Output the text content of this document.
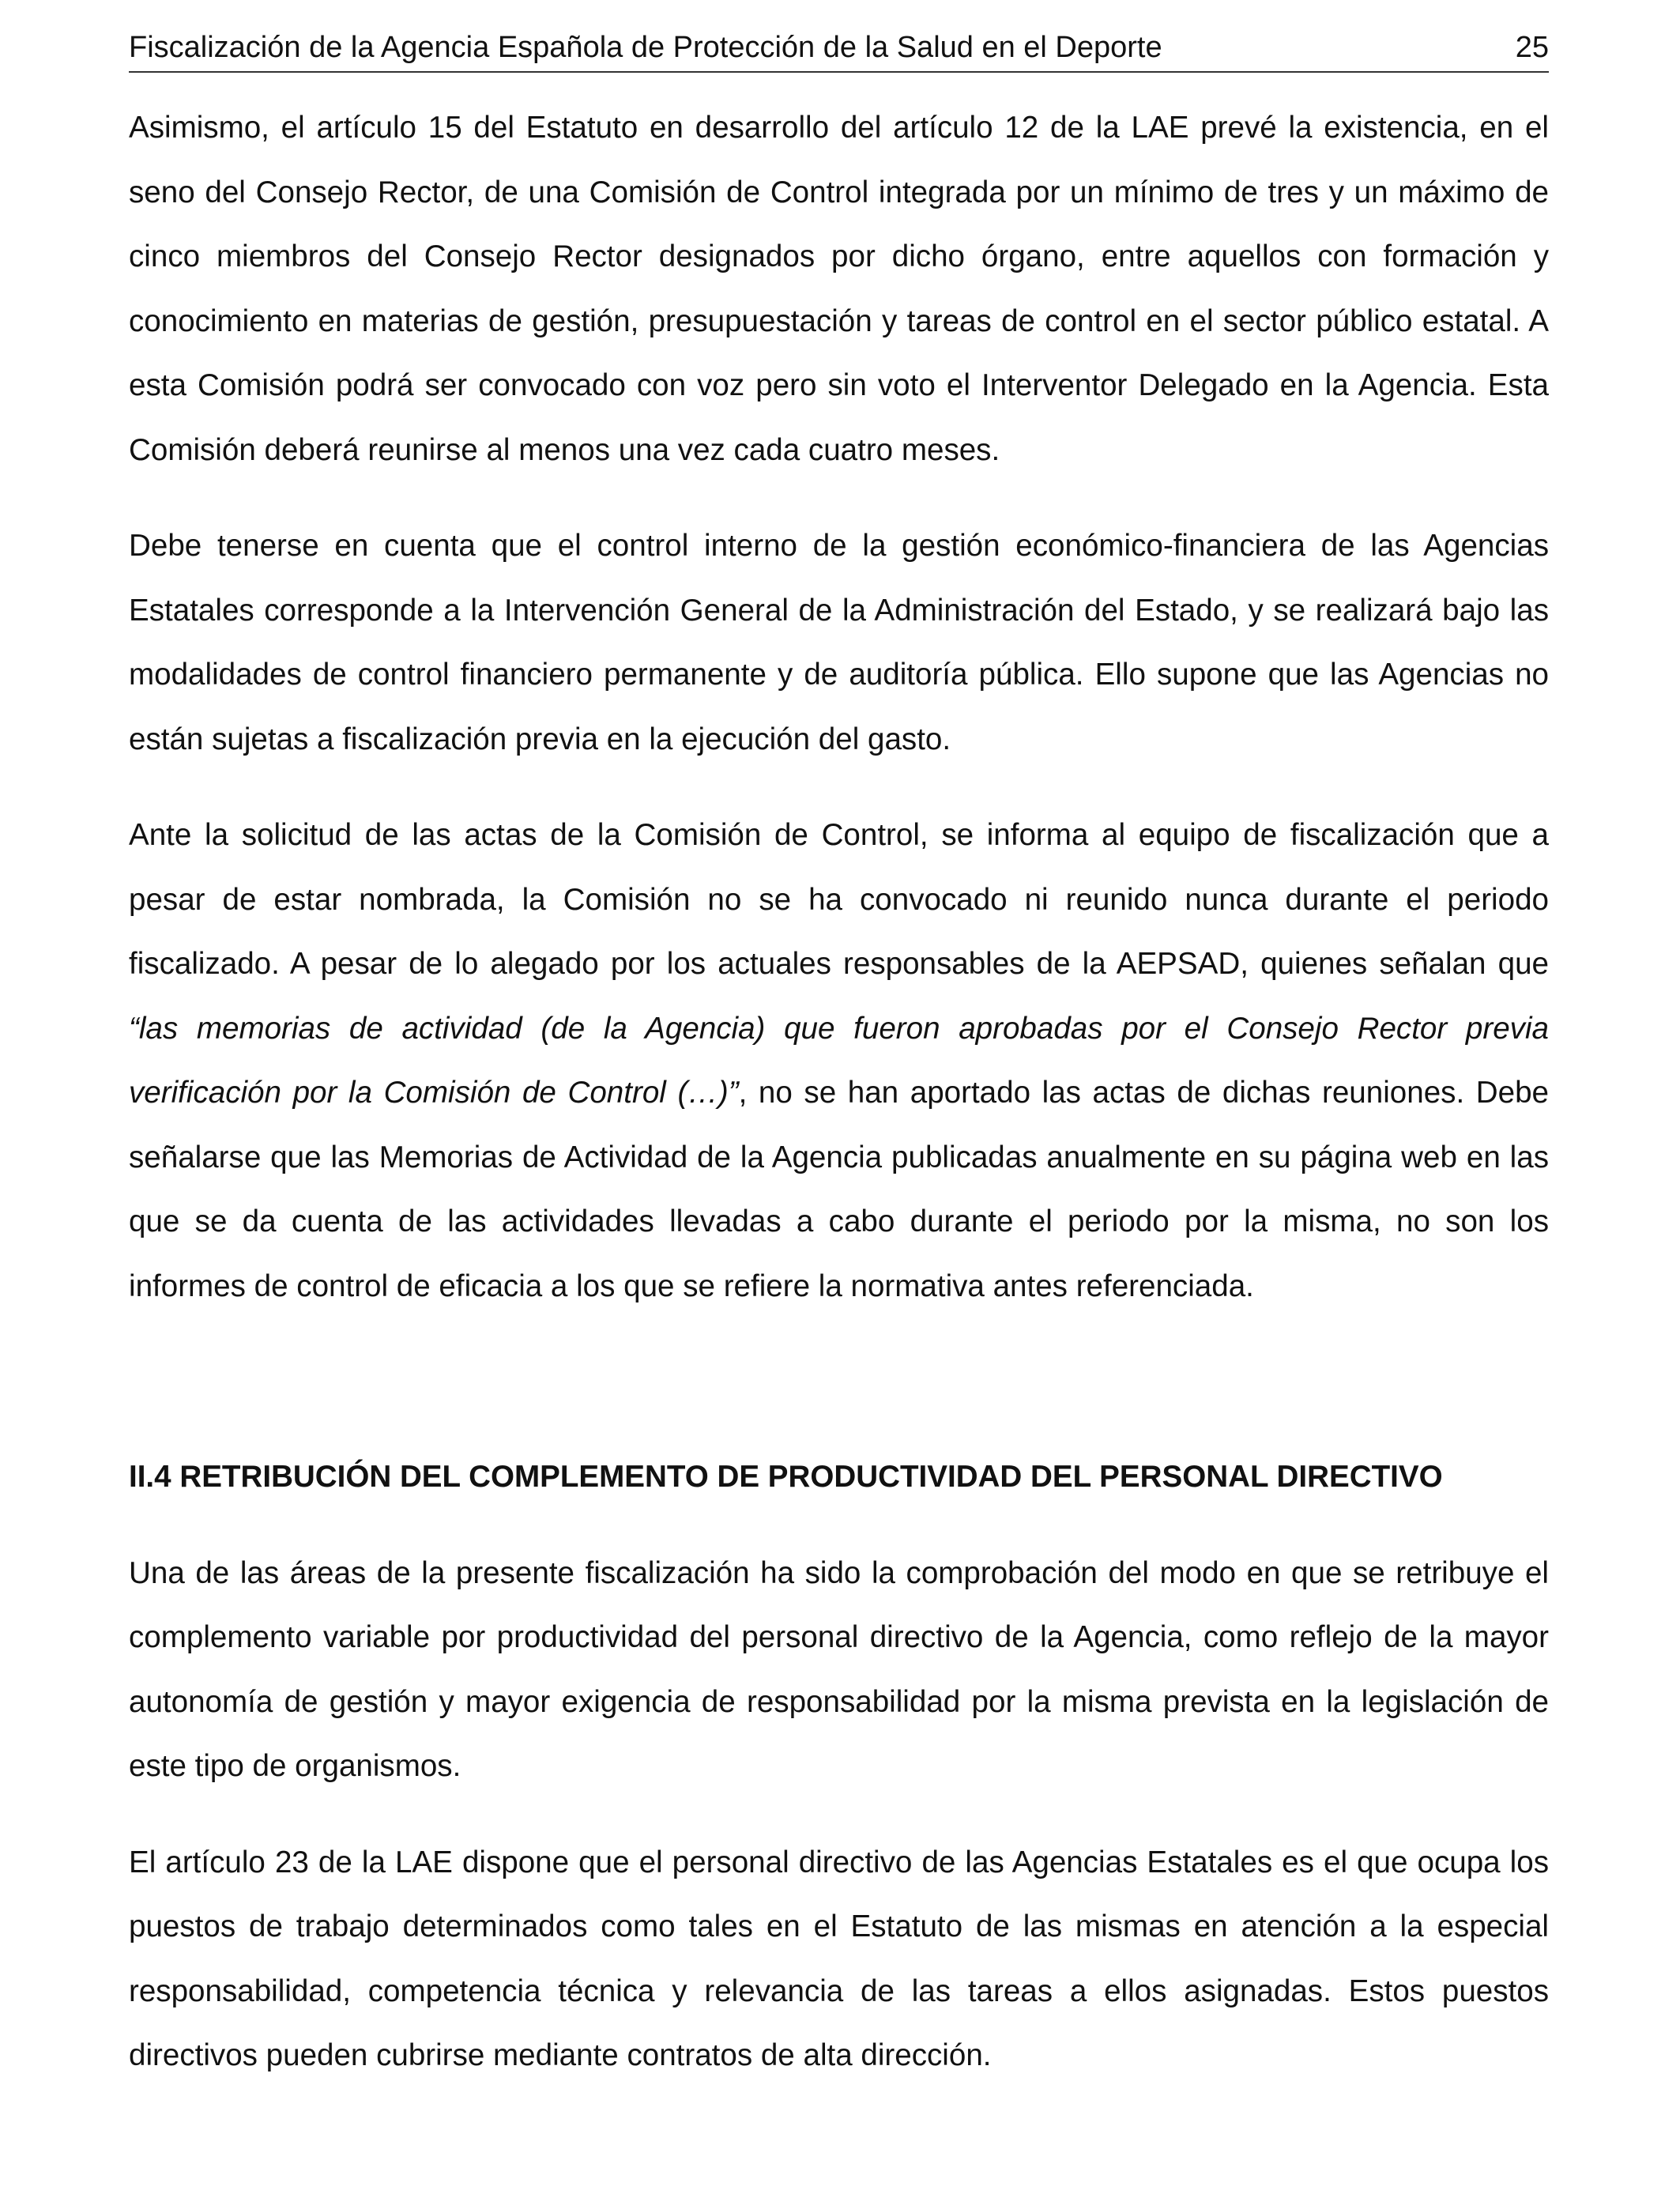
Fiscalización de la Agencia Española de Protección de la Salud en el Deporte	25

Asimismo, el artículo 15 del Estatuto en desarrollo del artículo 12 de la LAE prevé la existencia, en el seno del Consejo Rector, de una Comisión de Control integrada por un mínimo de tres y un máximo de cinco miembros del Consejo Rector designados por dicho órgano, entre aquellos con formación y conocimiento en materias de gestión, presupuestación y tareas de control en el sector público estatal. A esta Comisión podrá ser convocado con voz pero sin voto el Interventor Delegado en la Agencia. Esta Comisión deberá reunirse al menos una vez cada cuatro meses.

Debe tenerse en cuenta que el control interno de la gestión económico-financiera de las Agencias Estatales corresponde a la Intervención General de la Administración del Estado, y se realizará bajo las modalidades de control financiero permanente y de auditoría pública. Ello supone que las Agencias no están sujetas a fiscalización previa en la ejecución del gasto.

Ante la solicitud de las actas de la Comisión de Control, se informa al equipo de fiscalización que a pesar de estar nombrada, la Comisión no se ha convocado ni reunido nunca durante el periodo fiscalizado. A pesar de lo alegado por los actuales responsables de la AEPSAD, quienes señalan que “las memorias de actividad (de la Agencia) que fueron aprobadas por el Consejo Rector previa verificación por la Comisión de Control (…)”, no se han aportado las actas de dichas reuniones. Debe señalarse que las Memorias de Actividad de la Agencia publicadas anualmente en su página web en las que se da cuenta de las actividades llevadas a cabo durante el periodo por la misma, no son los informes de control de eficacia a los que se refiere la normativa antes referenciada.

II.4 RETRIBUCIÓN DEL COMPLEMENTO DE PRODUCTIVIDAD DEL PERSONAL DIRECTIVO

Una de las áreas de la presente fiscalización ha sido la comprobación del modo en que se retribuye el complemento variable por productividad del personal directivo de la Agencia, como reflejo de la mayor autonomía de gestión y mayor exigencia de responsabilidad por la misma prevista en la legislación de este tipo de organismos.

El artículo 23 de la LAE dispone que el personal directivo de las Agencias Estatales es el que ocupa los puestos de trabajo determinados como tales en el Estatuto de las mismas en atención a la especial responsabilidad, competencia técnica y relevancia de las tareas a ellos asignadas. Estos puestos directivos pueden cubrirse mediante contratos de alta dirección.
